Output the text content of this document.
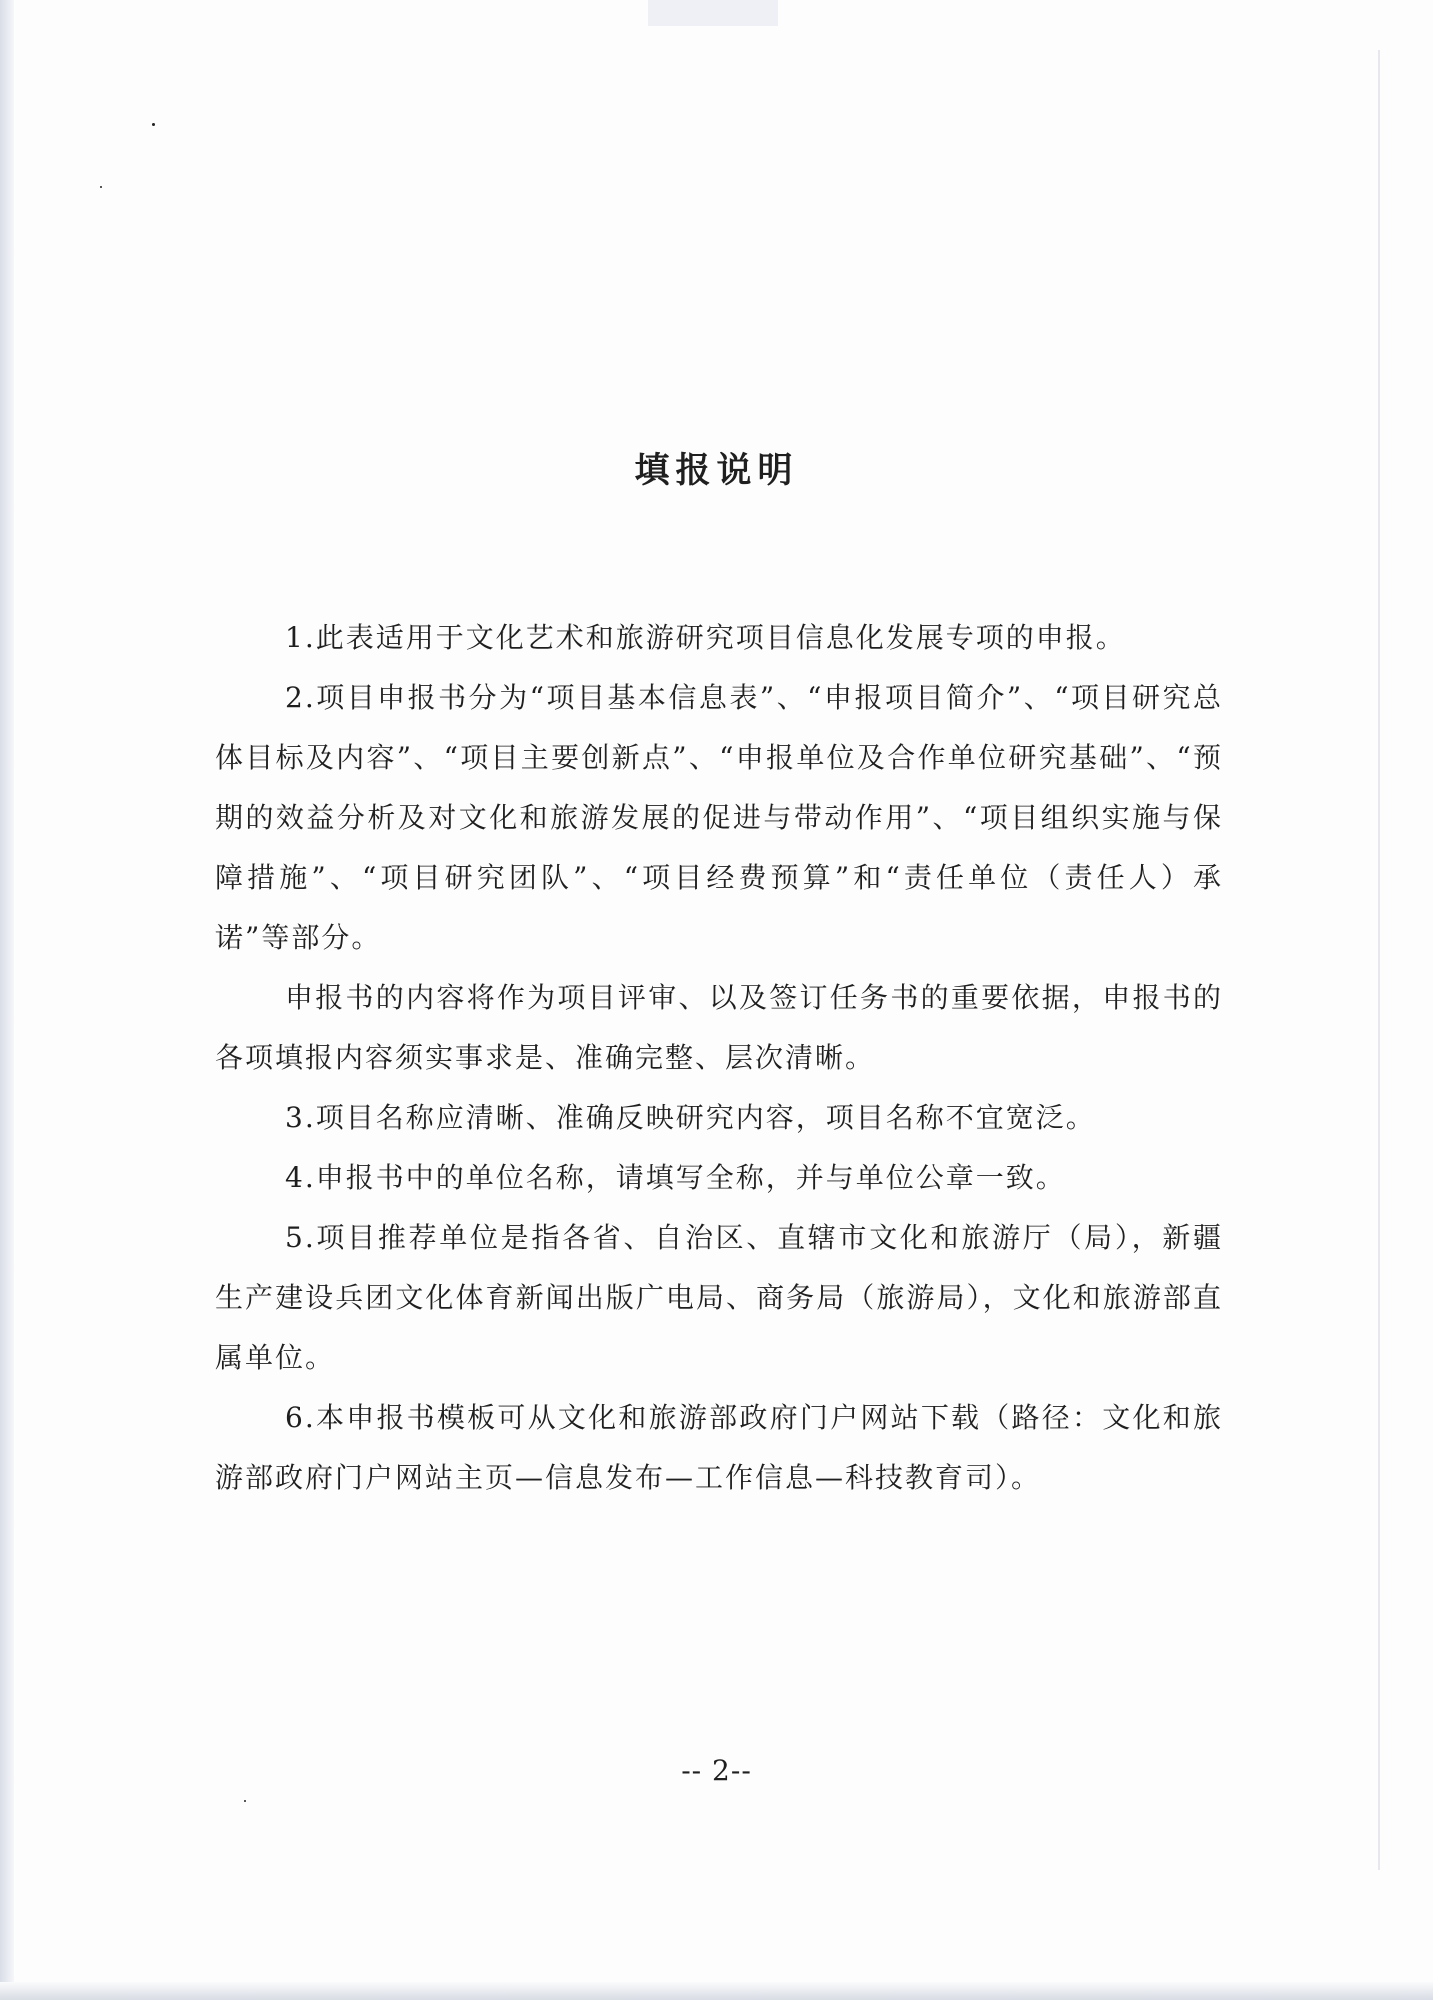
填报说明

1.此表适用于文化艺术和旅游研究项目信息化发展专项的申报。

2.项目申报书分为“项目基本信息表”、“申报项目简介”、“项目研究总体目标及内容”、“项目主要创新点”、“申报单位及合作单位研究基础”、“预期的效益分析及对文化和旅游发展的促进与带动作用”、“项目组织实施与保障措施”、“项目研究团队”、“项目经费预算”和“责任单位（责任人）承诺”等部分。

申报书的内容将作为项目评审、以及签订任务书的重要依据，申报书的各项填报内容须实事求是、准确完整、层次清晰。

3.项目名称应清晰、准确反映研究内容，项目名称不宜宽泛。

4.申报书中的单位名称，请填写全称，并与单位公章一致。

5.项目推荐单位是指各省、自治区、直辖市文化和旅游厅（局），新疆生产建设兵团文化体育新闻出版广电局、商务局（旅游局），文化和旅游部直属单位。

6.本申报书模板可从文化和旅游部政府门户网站下载（路径：文化和旅游部政府门户网站主页—信息发布—工作信息—科技教育司）。

-- 2--
